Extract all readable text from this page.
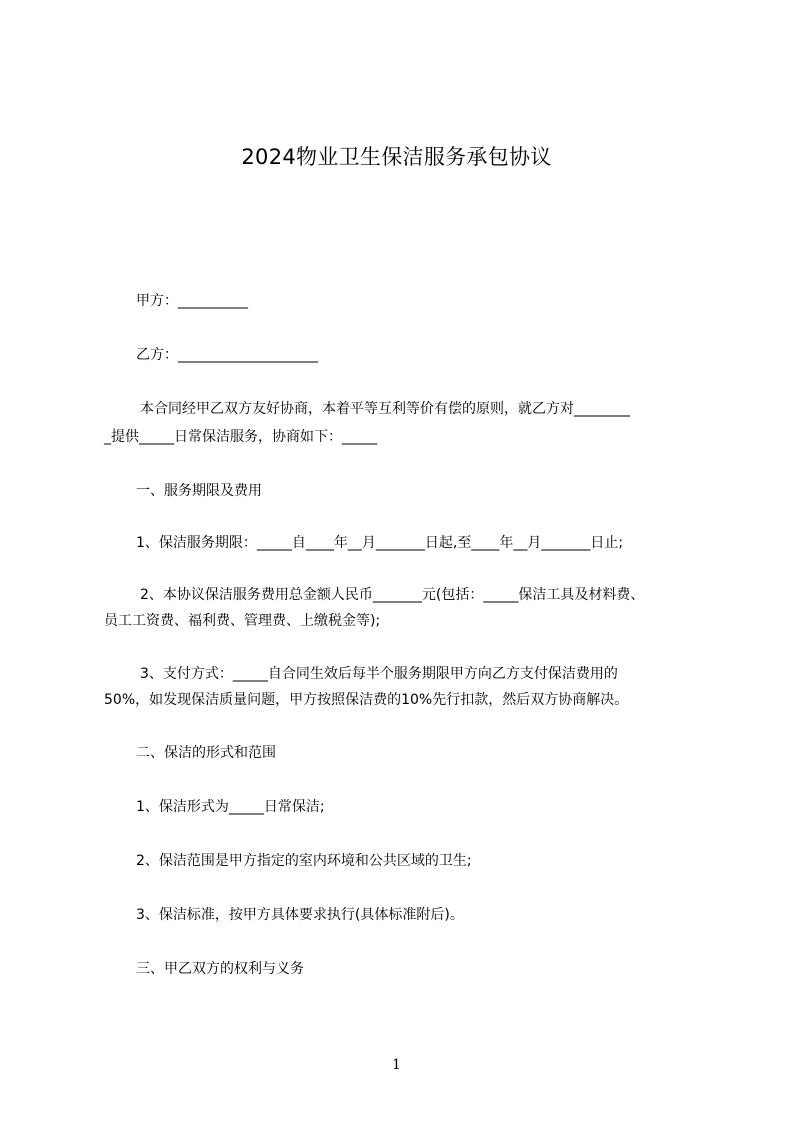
2024物业卫生保洁服务承包协议
甲方：__________
乙方：____________________
本合同经甲乙双方友好协商，本着平等互利等价有偿的原则，就乙方对________
_提供_____日常保洁服务，协商如下：_____
一、服务期限及费用
1、保洁服务期限：_____自____年__月_______日起,至____年__月_______日止;
2、本协议保洁服务费用总金额人民币_______元(包括：_____保洁工具及材料费、
员工工资费、福利费、管理费、上缴税金等);
3、支付方式：_____自合同生效后每半个服务期限甲方向乙方支付保洁费用的
50%，如发现保洁质量问题，甲方按照保洁费的10%先行扣款，然后双方协商解决。
二、保洁的形式和范围
1、保洁形式为_____日常保洁;
2、保洁范围是甲方指定的室内环境和公共区域的卫生;
3、保洁标准，按甲方具体要求执行(具体标准附后)。
三、甲乙双方的权利与义务
1
